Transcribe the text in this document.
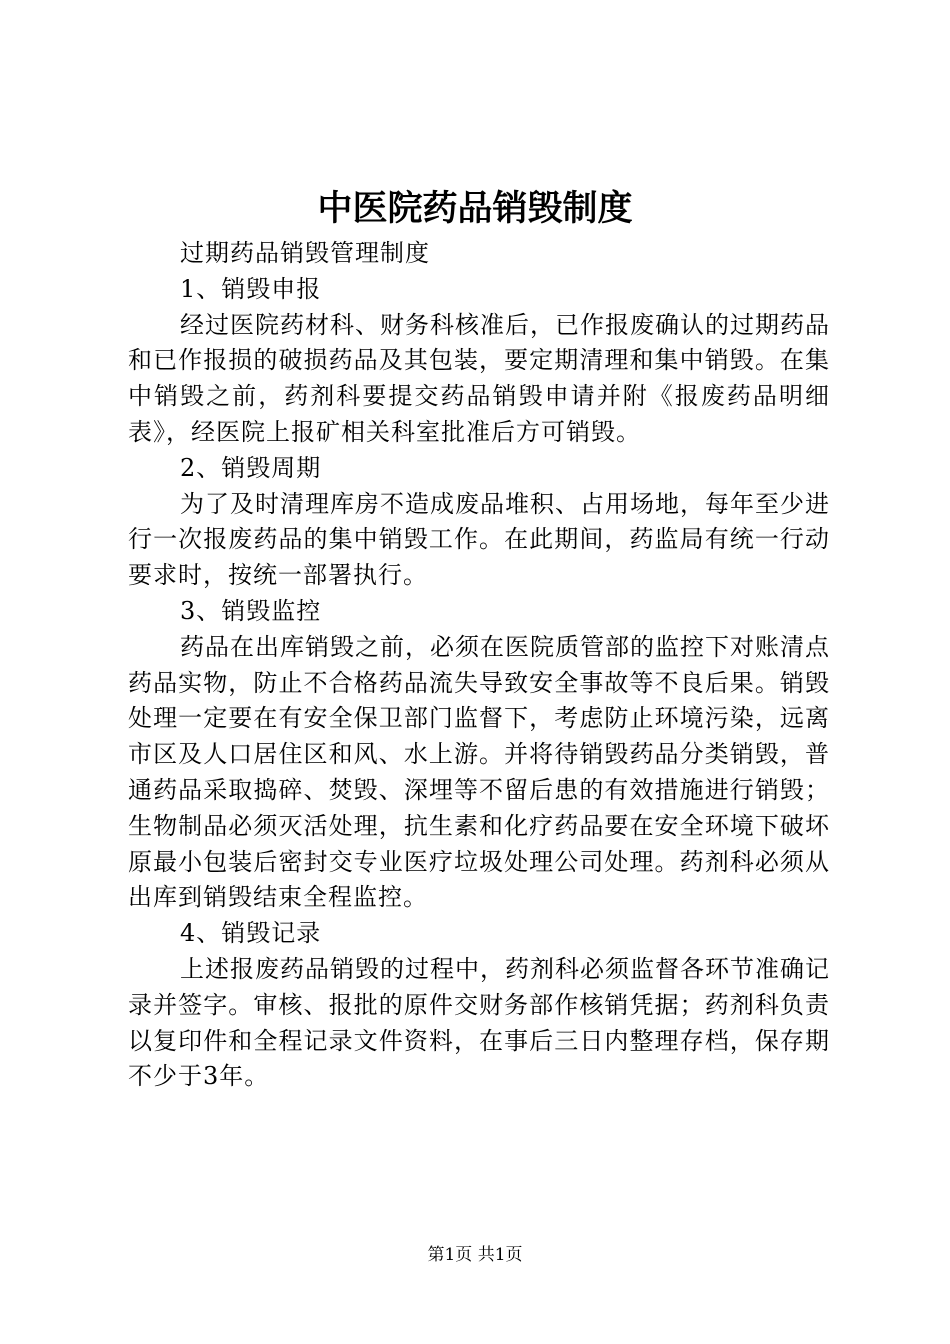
中医院药品销毁制度

过期药品销毁管理制度

1、销毁申报

经过医院药材科、财务科核准后，已作报废确认的过期药品和已作报损的破损药品及其包装，要定期清理和集中销毁。在集中销毁之前，药剂科要提交药品销毁申请并附《报废药品明细表》，经医院上报矿相关科室批准后方可销毁。

2、销毁周期

为了及时清理库房不造成废品堆积、占用场地，每年至少进行一次报废药品的集中销毁工作。在此期间，药监局有统一行动要求时，按统一部署执行。

3、销毁监控

药品在出库销毁之前，必须在医院质管部的监控下对账清点药品实物，防止不合格药品流失导致安全事故等不良后果。销毁处理一定要在有安全保卫部门监督下，考虑防止环境污染，远离市区及人口居住区和风、水上游。并将待销毁药品分类销毁，普通药品采取捣碎、焚毁、深埋等不留后患的有效措施进行销毁；生物制品必须灭活处理，抗生素和化疗药品要在安全环境下破坏原最小包装后密封交专业医疗垃圾处理公司处理。药剂科必须从出库到销毁结束全程监控。

4、销毁记录

上述报废药品销毁的过程中，药剂科必须监督各环节准确记录并签字。审核、报批的原件交财务部作核销凭据；药剂科负责以复印件和全程记录文件资料，在事后三日内整理存档，保存期不少于3年。

第1页 共1页
